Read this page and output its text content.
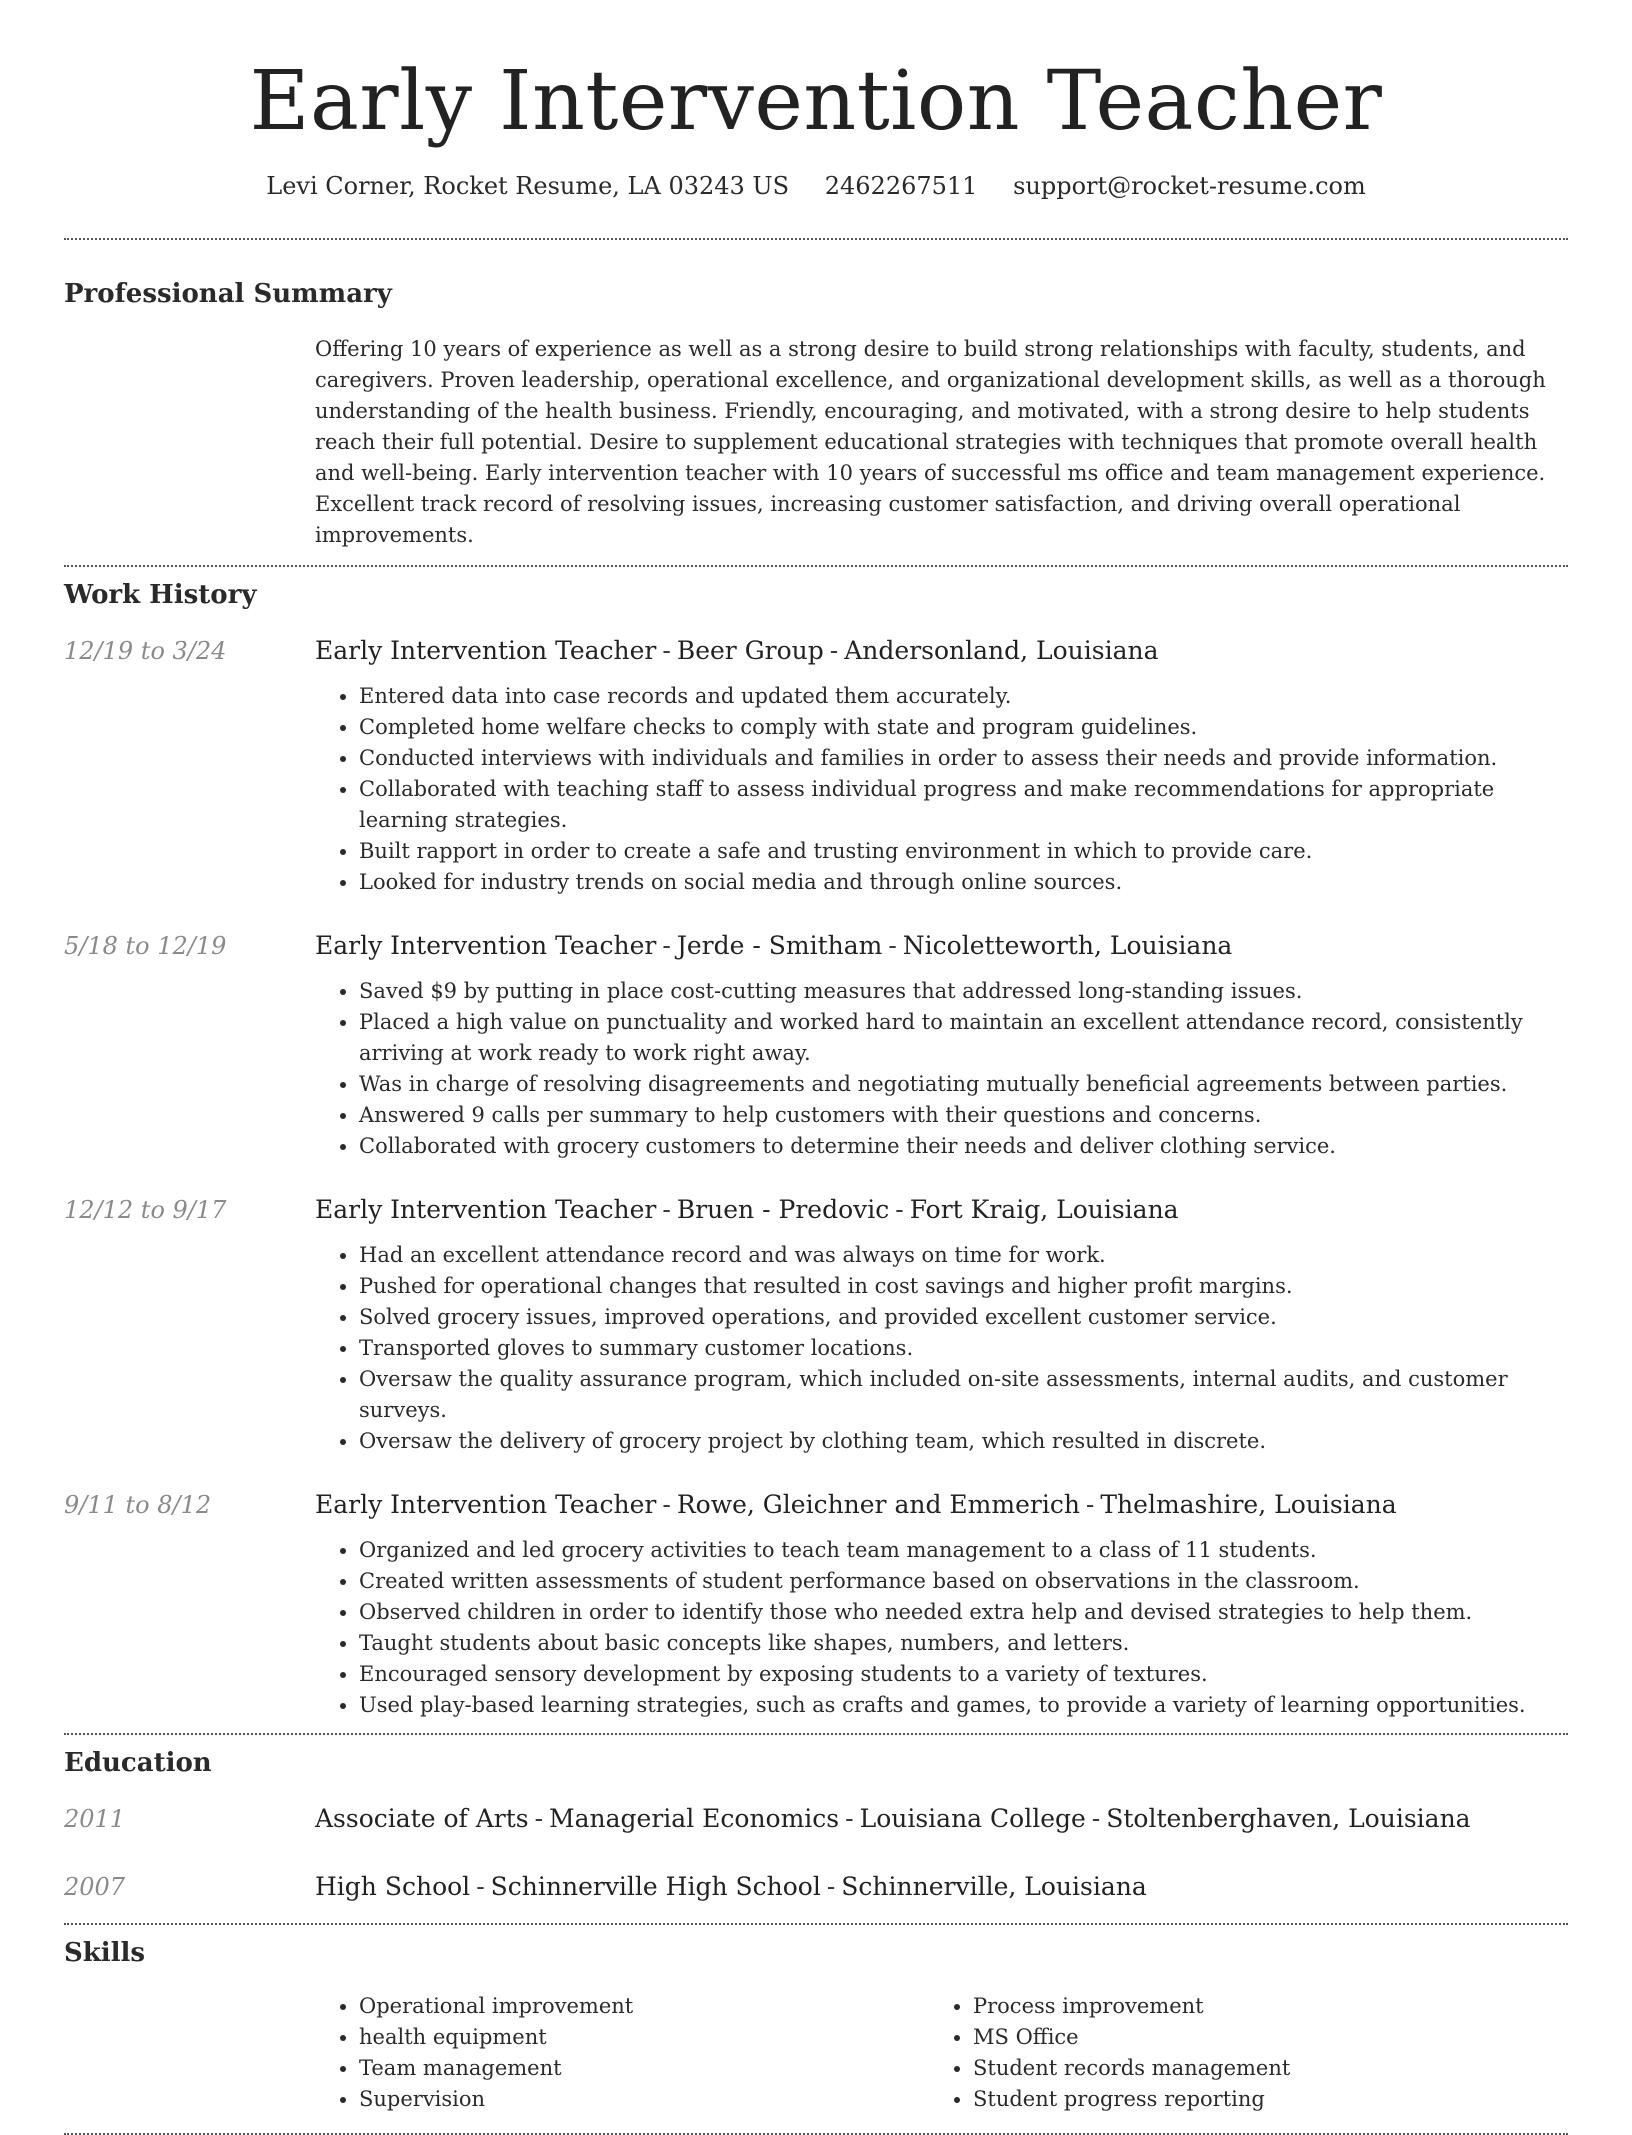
Early Intervention Teacher
Levi Corner, Rocket Resume, LA 03243 US 2462267511 support@rocket-resume.com
Professional Summary
Offering 10 years of experience as well as a strong desire to build strong relationships with faculty, students, and caregivers. Proven leadership, operational excellence, and organizational development skills, as well as a thorough understanding of the health business. Friendly, encouraging, and motivated, with a strong desire to help students reach their full potential. Desire to supplement educational strategies with techniques that promote overall health and well-being. Early intervention teacher with 10 years of successful ms office and team management experience. Excellent track record of resolving issues, increasing customer satisfaction, and driving overall operational improvements.
Work History
12/19 to 3/24	Early Intervention Teacher - Beer Group - Andersonland, Louisiana
• Entered data into case records and updated them accurately.
• Completed home welfare checks to comply with state and program guidelines.
• Conducted interviews with individuals and families in order to assess their needs and provide information.
• Collaborated with teaching staff to assess individual progress and make recommendations for appropriate learning strategies.
• Built rapport in order to create a safe and trusting environment in which to provide care.
• Looked for industry trends on social media and through online sources.
5/18 to 12/19	Early Intervention Teacher - Jerde - Smitham - Nicoletteworth, Louisiana
• Saved $9 by putting in place cost-cutting measures that addressed long-standing issues.
• Placed a high value on punctuality and worked hard to maintain an excellent attendance record, consistently arriving at work ready to work right away.
• Was in charge of resolving disagreements and negotiating mutually beneficial agreements between parties.
• Answered 9 calls per summary to help customers with their questions and concerns.
• Collaborated with grocery customers to determine their needs and deliver clothing service.
12/12 to 9/17	Early Intervention Teacher - Bruen - Predovic - Fort Kraig, Louisiana
• Had an excellent attendance record and was always on time for work.
• Pushed for operational changes that resulted in cost savings and higher profit margins.
• Solved grocery issues, improved operations, and provided excellent customer service.
• Transported gloves to summary customer locations.
• Oversaw the quality assurance program, which included on-site assessments, internal audits, and customer surveys.
• Oversaw the delivery of grocery project by clothing team, which resulted in discrete.
9/11 to 8/12	Early Intervention Teacher - Rowe, Gleichner and Emmerich - Thelmashire, Louisiana
• Organized and led grocery activities to teach team management to a class of 11 students.
• Created written assessments of student performance based on observations in the classroom.
• Observed children in order to identify those who needed extra help and devised strategies to help them.
• Taught students about basic concepts like shapes, numbers, and letters.
• Encouraged sensory development by exposing students to a variety of textures.
• Used play-based learning strategies, such as crafts and games, to provide a variety of learning opportunities.
Education
2011	Associate of Arts - Managerial Economics - Louisiana College - Stoltenberghaven, Louisiana
2007	High School - Schinnerville High School - Schinnerville, Louisiana
Skills
• Operational improvement
• health equipment
• Team management
• Supervision
• Process improvement
• MS Office
• Student records management
• Student progress reporting
